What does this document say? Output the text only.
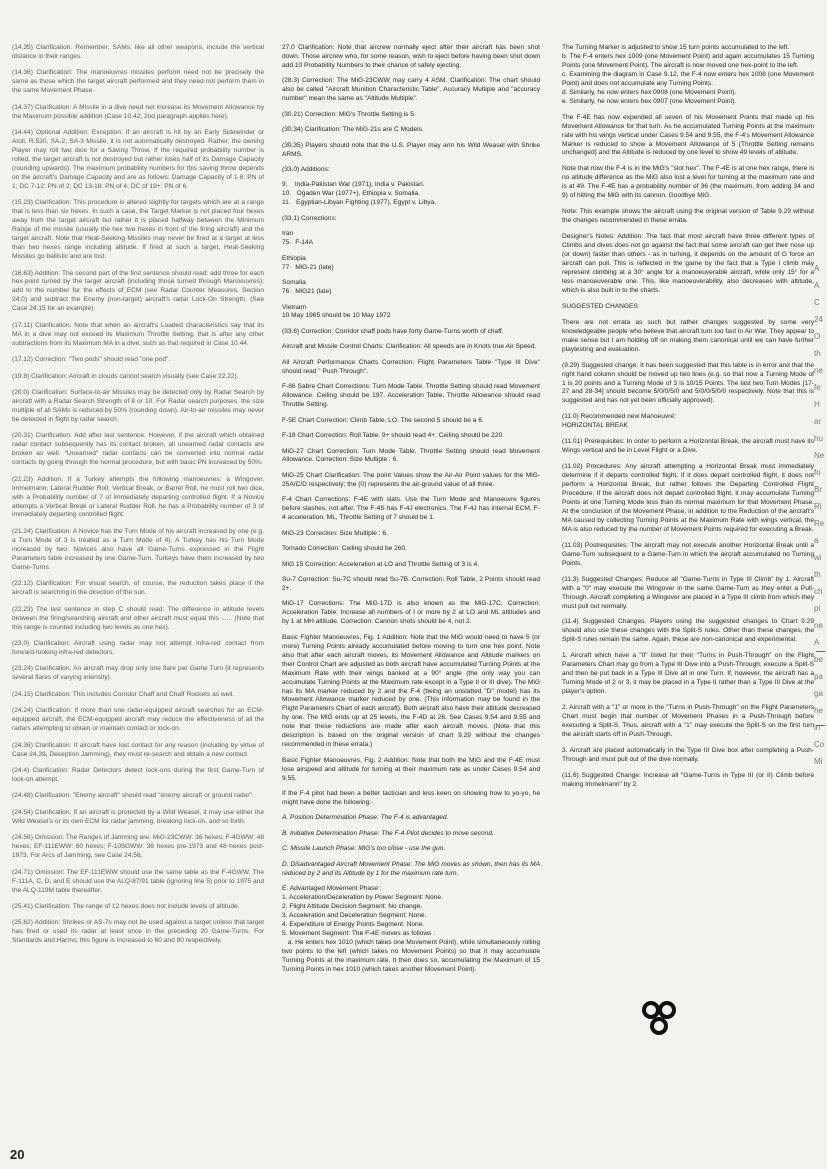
(14.35) Clarification: Remember, SAMs, like all other weapons, include the vertical distance in their ranges.

(14.36) Clarification: The manoeuvres missiles perform need not be precisely the same as those which the target aircraft performed and they need not perform them in the same Movement Phase.

(14.37) Clarification: A Missile in a dive need not increase its Movement Allowance by the Maximum possible addition (Case 10.42, 2nd paragraph applies here).

(14.44) Optional Addition: Exception: If an aircraft is hit by an Early Sidewinder or Atoll, R.530, SA-2, SA-3 Missile, it is not automatically destroyed. Rather, the owning Player may roll two dice for a Saving Throw. If the required probability number is rolled, the target aircraft is not destroyed but rather loses half of its Damage Capacity (rounding upwards). The maximum probability numbers for this saving throw depends on the aircraft's Damage Capacity and are as follows: Damage Capacity of 1-6: PN of 1; DC 7-12: PN of 2; DC 13-18: PN of 4; DC of 19+: PN of 6.

(15.23) Clarification: This procedure is altered slightly for targets which are at a range that is less than six hexes. In such a case, the Target Marker is not placed four hexes away from the target aircraft but rather it is placed halfway between the Minimum Range of the missile (usually the hex two hexes in front of the firing aircraft) and the target aircraft. Note that Heat-Seeking Missiles may never be fired at a target at less than two hexes range including altitude. If fired at such a target, Heat-Seeking Missiles go ballistic and are lost.

(16.63) Addition: The second part of the first sentence should read: add three for each hex-point turned by the target aircraft (including those turned through Manoeuvres); add to the number for the effects of ECM (see Radar Counter Measures, Section 24.0) and subtract the Enemy (non-target) aircraft's radar Lock-On Strength. (See Case 24.15 for an example).

(17.11) Clarification: Note that when an aircraft's Loaded characteristics say that its MA in a dive may not exceed its Maximum Throttle Setting, that is after any other subtractions from its Maximum MA in a dive, such as that required in Case 10.44.

(17.12) Correction: "Two pods" should read "one pod".

(19.8) Clarification: Aircraft in clouds cannot search visually (see Case 22.22).

(20.0) Clarification: Surface-to-air Missiles may be detected only by Radar Search by aircraft with a Radar Search Strength of 8 or 10. For Radar search purposes, the size multiple of all SAMs is reduced by 50% (rounding down). Air-to-air missiles may never be detected in flight by radar search.

(20.31) Clarification: Add after last sentence. However, if the aircraft which obtained radar contact subsequently has its contact broken, all unearned radar contacts are broken as well. "Unearned" radar contacts can be converted into normal radar contacts by going through the normal procedure, but with basic PN increased by 50%.

(21.23) Addition: If a Turkey attempts the following manoeuvres: a Wingover, Immelmann, Lateral Rudder Roll, Vertical Break, or Barrel Roll, he must roll two dice, with a Probability number of 7 of immediately departing controlled flight. If a Novice attempts a Vertical Break or Lateral Rudder Roll, he has a Probability number of 3 of immediately departing controlled flight.

(21.24) Clarification: A Novice has the Turn Mode of his aircraft increased by one (e.g. a Turn Mode of 3 is treated as a Turn Mode of 4). A Turkey has his Turn Mode increased by two. Novices also have all Game-Turns expressed in the Flight Parameters table increased by one Game-Turn. Turkeys have them increased by two Game-Turns.

(22.12) Clarification: For visual search, of course, the reduction takes place if the aircraft is searching in the direction of the sun.

(22.23) The last sentence in step C should read: The difference in altitude levels between the firing/searching aircraft and other aircraft must equal this ...... (Note that this range is counted including two levels as one hex).

(23.0) Clarification: Aircraft using radar may not attempt infra-red contact from forward-looking infra-red detectors.

(23.24) Clarification: An aircraft may drop only one flare per Game Turn (it represents several flares of varying intensity).

(24.15) Clarification: This includes Corridor Chaff and Chaff Rockets as well.

(24.24) Clarification: If more than one radar-equipped aircraft searches for an ECM-equipped aircraft, the ECM-equipped aircraft may reduce the effectiveness of all the radars attempting to obtain or maintain contact or lock-on.

(24.36) Clarification: If aircraft have lost contact for any reason (including by virtue of Case 24.39, Deception Jamming), they must re-search and obtain a new contact.

(24.4) Clarification: Radar Detectors detect lock-ons during the first Game-Turn of lock-on attempt.

(24.48) Clarification: "Enemy aircraft" should read "enemy aircraft or ground radar".

(24.54) Clarification: If an aircraft is protected by a Wild Weasel, it may use either the Wild Weasel's or its own ECM for radar jamming, breaking lock-on, and so forth.

(24.56) Omission: The Ranges of Jamming are: MiG-23CWW: 36 hexes; F-4GWW: 48 hexes; EF-111EWW: 60 hexes; F-105GWW: 36 hexes pre-1973 and 48 hexes post-1973. For Arcs of Jamming, see Case 24.56.

(24.71) Omission: The EF-111EWW should use the same table as the F-4GWW. The F-111A, C, D, and E should use the ALQ-87/91 table (ignoring line 5) prior to 1975 and the ALQ-119M table thereafter.

(25.41) Clarification: The range of 12 hexes does not include levels of altitude.

(25.62) Addition: Shrikes or AS-7s may not be used against a target unless that target has fired or used its radar at least once in the preceding 20 Game-Turns. For Standards and Harms, this figure is increased to 60 and 80 respectively.

27.0 Clarification: Note that aircrew normally eject after their aircraft has been shot down. Those aircrew who, for some reason, wish to eject before having been shot down add 10 Probability Numbers to their chance of safely ejecting.

(28.3) Correction: The MiG-23CWW may carry 4 ASM. Clarification: The chart should also be called "Aircraft Munition Characteristic Table". Accuracy Multiple and "accuracy number" mean the same as "Altitude Multiple".

(30.21) Correction: MiG's Throttle Setting is 5.

(30.34) Clarification: The MiG-21s are C Models.

(30.35) Players should note that the U.S. Player may arm his Wild Weasel with Shrike ARMS.

(33.0) Additions:

9.    India-Pakistan War (1971), India v. Pakistan.
10.   Ogaden War (1977+), Ethiopia v. Somalia.
11.   Egyptian-Libyan Fighting (1977), Egypt v. Libya.

(33.1) Corrections:

Iran
75·  F-14A

Ethiopia
77·  MiG-21 (late)

Somalia
76·  MiG21 (late)

Vietnam
10 May 1965 should be 10 May 1972

(33.6) Correction: Corridor chaff pods have forty Game-Turns worth of chaff.

Aircraft and Missile Control Charts: Clarification: All speeds are in Knots true Air Speed.

All Aircraft Performance Charts Correction: Flight Parameters Table "Type III Dive" should read " Push Through".

F-86 Sabre Chart Corrections: Turn Mode Table. Throttle Setting should read Movement Allowance. Ceiling should be 197. Acceleration Table. Throttle Allowance should read Throttle Setting.

F-5E Chart Correction: Climb Table, LO. The second 5 should be a 6.

F-18 Chart Correction: Roll Table. 9+ should read 4+. Ceiling should be 220.

MiG-27 Chart Correction: Turn Mode Table. Throttle Setting should read Movement Allowance. Correction: Size Multiple : 6.

MiG-25 Chart Clarification: The point Values show the Air-Air Point values for the MiG-25A/C/D respectively; the (0) represents the air-ground value of all three.

F-4 Chart Corrections: F-4E with slats. Use the Turn Mode and Manoeuvre figures before slashes, not after. The F-4S has F-4J electronics. The F-4J has internal ECM, F-4 acceleration. ML, Throttle Setting of 7 should be 1.

MiG-23 Correction: Size Multiple : 6.

Tornado Correction: Ceiling should be 260.

MiG 15 Correction: Acceleration at LO and Throttle Setting of 3 is 4.

Su-7 Correction: Su-7C should read Su-7B. Correction: Roll Table, 2 Points should read 2+.

MiG-17 Corrections: The MiG-17D is also known as the MiG-17C. Correction: Acceleration Table: Increase all numbers of I or more by 2 at LO and ML altitudes and by 1 at MH altitude. Correction: Cannon shots should be 4, not 2.

Basic Fighter Manoeuvres, Fig. 1 Addition: Note that the MiG would need to have 5 (or more) Turning Points already accumulated before moving to turn one hex point. Note also that after each aircraft moves, its Movement Allowance and Altitude markers on their Control Chart are adjusted as both aircraft have accumulated Turning Points at the Maximum Rate with their wings banked at a 90° angle (the only way you can accumulate Turning Points at the Maximum rate except in a Type II or III dive). The MiG has its MA marker reduced by 2 and the F-4 (being an unslatted "D" model) has its Movement Allowance marker reduced by one. (This information may be found in the Flight Parameters Chart of each aircraft). Both aircraft also have their altitude decreased by one. The MiG ends up at 25 levels, the F-4D at 26. See Cases 9.54 and 9.55 and note that these reductions are made after each aircraft moves. (Note that this description is based on the original version of chart 9.29 without the changes recommended in these errata.)

Basic Fighter Manoeuvres, Fig. 2 Addition: Note that both the MiG and the F-4E must lose airspeed and altitude for turning at their maximum rate as under Cases 9.54 and 9.55.

If the F-4 pilot had been a better tactician and less keen on showing how to yo-yo, he might have done the following:-

A. Position Determination Phase: The F-4 is advantaged.

B. Initiative Determination Phase: The F-4 Pilot decides to move second.

C. Missile Launch Phase: MiG's too close - use the gun.

D. Disadvantaged Aircraft Movement Phase: The MiG moves as shown, then has its MA reduced by 2 and its Altitude by 1 for the maximum rate turn.

E. Advantaged Movement Phase :
1. Acceleration/Deceleration by Power Segment: None.
2. Flight Attitude Decision Segment: No change.
3. Acceleration and Deceleration Segment: None.
4. Expenditure of Energy Points Segment: None.
5. Movement Segment: The F-4E moves as follows :
a. He enters hex 1010 (which takes one Movement Point), while simultaneously rolling two points to the left (which takes no Movement Points) so that it may accumulate Turning Points at the maximum rate. It then does so, accumulating the Maximum of 15 Turning Points in hex 1010 (which takes another Movement Point).

The Turning Marker is adjusted to show 15 turn points accumulated to the left.
b. The F-4 enters hex 1009 (one Movement Point) and again accumulates 15 Turning Points (one Movement Point). The aircraft is now moved one hex-point to the left.
c. Examining the diagram in Case 9.12, the F-4 now enters hex 1008 (one Movement Point) and does not accumulate any Turning Points.
d. Similarly, he now enters hex 0908 (one Movement Point).
e. Similarly, he now enters hex 0907 (one Movement Point).

The F-4E has now expended all seven of his Movement Points that made up his Movement Allowance for that turn. As he accumulated Turning Points at the maximum rate with his wings vertical under Cases 9.54 and 9.55, the F-4's Movement Allowance Marker is reduced to show a Movement Allowance of 5 (Throttle Setting remains unchanged) and the Altitude is reduced by one level to show 49 levels of altitude.

Note that now the F-4 is in the MiG's "slot hex". The F-4E is at one hex range, there is no altitude difference as the MiG also lost a level for turning at the maximum rate and is at 49. The F-4E has a probability number of 36 (the maximum, from adding 34 and 9) of hitting the MiG with its cannon. Goodbye MiG.

Note: This example shows the aircraft using the original version of Table 9.29 without the changes recommended in these errata.

Designer's Notes: Addition: The fact that most aircraft have three different types of Climbs and dives does not go against the fact that some aircraft can get their nose up (or down) faster than others - as in turning, it depends on the amount of G force an aircraft can pull. This is reflected in the game by the fact that a Type I climb may represent climbing at a 30° angle for a manoeuverable aircraft, while only 15° for a less manoeuverable one. This, like manoeuverability, also decreases with altitude, which is also built in to the charts.

SUGGESTED CHANGES:

There are not errata as such but rather changes suggested by some very knowledgeable people who believe that aircraft turn too fast in Air War. They appear to make sense but I am holding off on making them canonical until we can have further playtesting and evaluation.

(9.29) Suggested change: It has been suggested that this table is in error and that the right hand column should be moved up two lines (e.g. so that now a Turning Mode of 1 is 20 points and a Turning Mode of 3 is 10/15 Points. The last two Turn Modes [17-27 and 28-34] should become 5/0/0/5/0 and 5/0/0/5/0/0 respectively. Note that this is suggested and has not yet been officially approved).

(11.0) Recommended new Manoeuvre:
HORIZONTAL BREAK

(11.01) Prerequisites: In order to perform a Horizontal Break, the aircraft must have its Wings vertical and be in Level Flight or a Dive.

(11.02) Procedures: Any aircraft attempting a Horizontal Break must immediately determine if it departs controlled flight. If it does depart controlled flight, it does not perform a Horizontal Break, but rather follows the Departing Controlled Flight Procedure. If the aircraft does not depart controlled flight, it may accumulate Turning Points at one Turning Mode less than its normal maximum for that Movement Phase. At the conclusion of the Movement Phase, in addition to the Reduction of the aircraft's MA caused by collecting Turning Points at the Maximum Rate with wings vertical, the MA is also reduced by the number of Movement Points required for executing a Break.

(11.03) Postrequisites: The aircraft may not execute another Horizontal Break until a Game-Turn subsequent to a Game-Turn in which the aircraft accumulated no Turning Points.

(11.3) Suggested Changes: Reduce all "Game-Turns in Type III Climb" by 1. Aircraft with a "0" may execute the Wingover in the same Game-Turn as they enter a Pull-Through. Aircraft completing a Wingover are placed in a Type III climb from which they must pull out normally.

(11.4) Suggested Changes. Players using the suggested changes to Chart 9.29 should also use these changes with the Split-S rules. Other than these changes, the Split-S rules remain the same. Again, these are non-canonical and experimental.

1. Aircraft which have a "0" listed for their "Turns in Push-Through" on the Flight Parameters Chart may go from a Type III Dive into a Push-Through, execute a Split-S and then be put back in a Type III Dive all in one Turn. If, however, the aircraft has a Turning Mode of 2 or 3, it may be placed in a Type II rather than a Type III Dive at the player's option.

2. Aircraft with a "1" or more in the "Turns in Push-Through" on the Flight Parameters Chart must begin that number of Movement Phases in a Push-Through before executing a Split-S. Thus, aircraft with a "1" may execute the Split-S on the first turn the aircraft starts off in Push-Through.

3. Aircraft are placed automatically in the Type III Dive box after completing a Push-Through and must pull out of the dive normally.

(11.6) Suggested Change: Increase all "Game-Turns in Type III (or II) Climb before making Immelmann" by 2.

20
A
A
C
24
O
th
ne
fe
H
ar
hu
Ne
fo
Br
Ri
Re
a
wi
th
ch
pi
ne
A
be
pa
ga
he
in
Co
Mi
